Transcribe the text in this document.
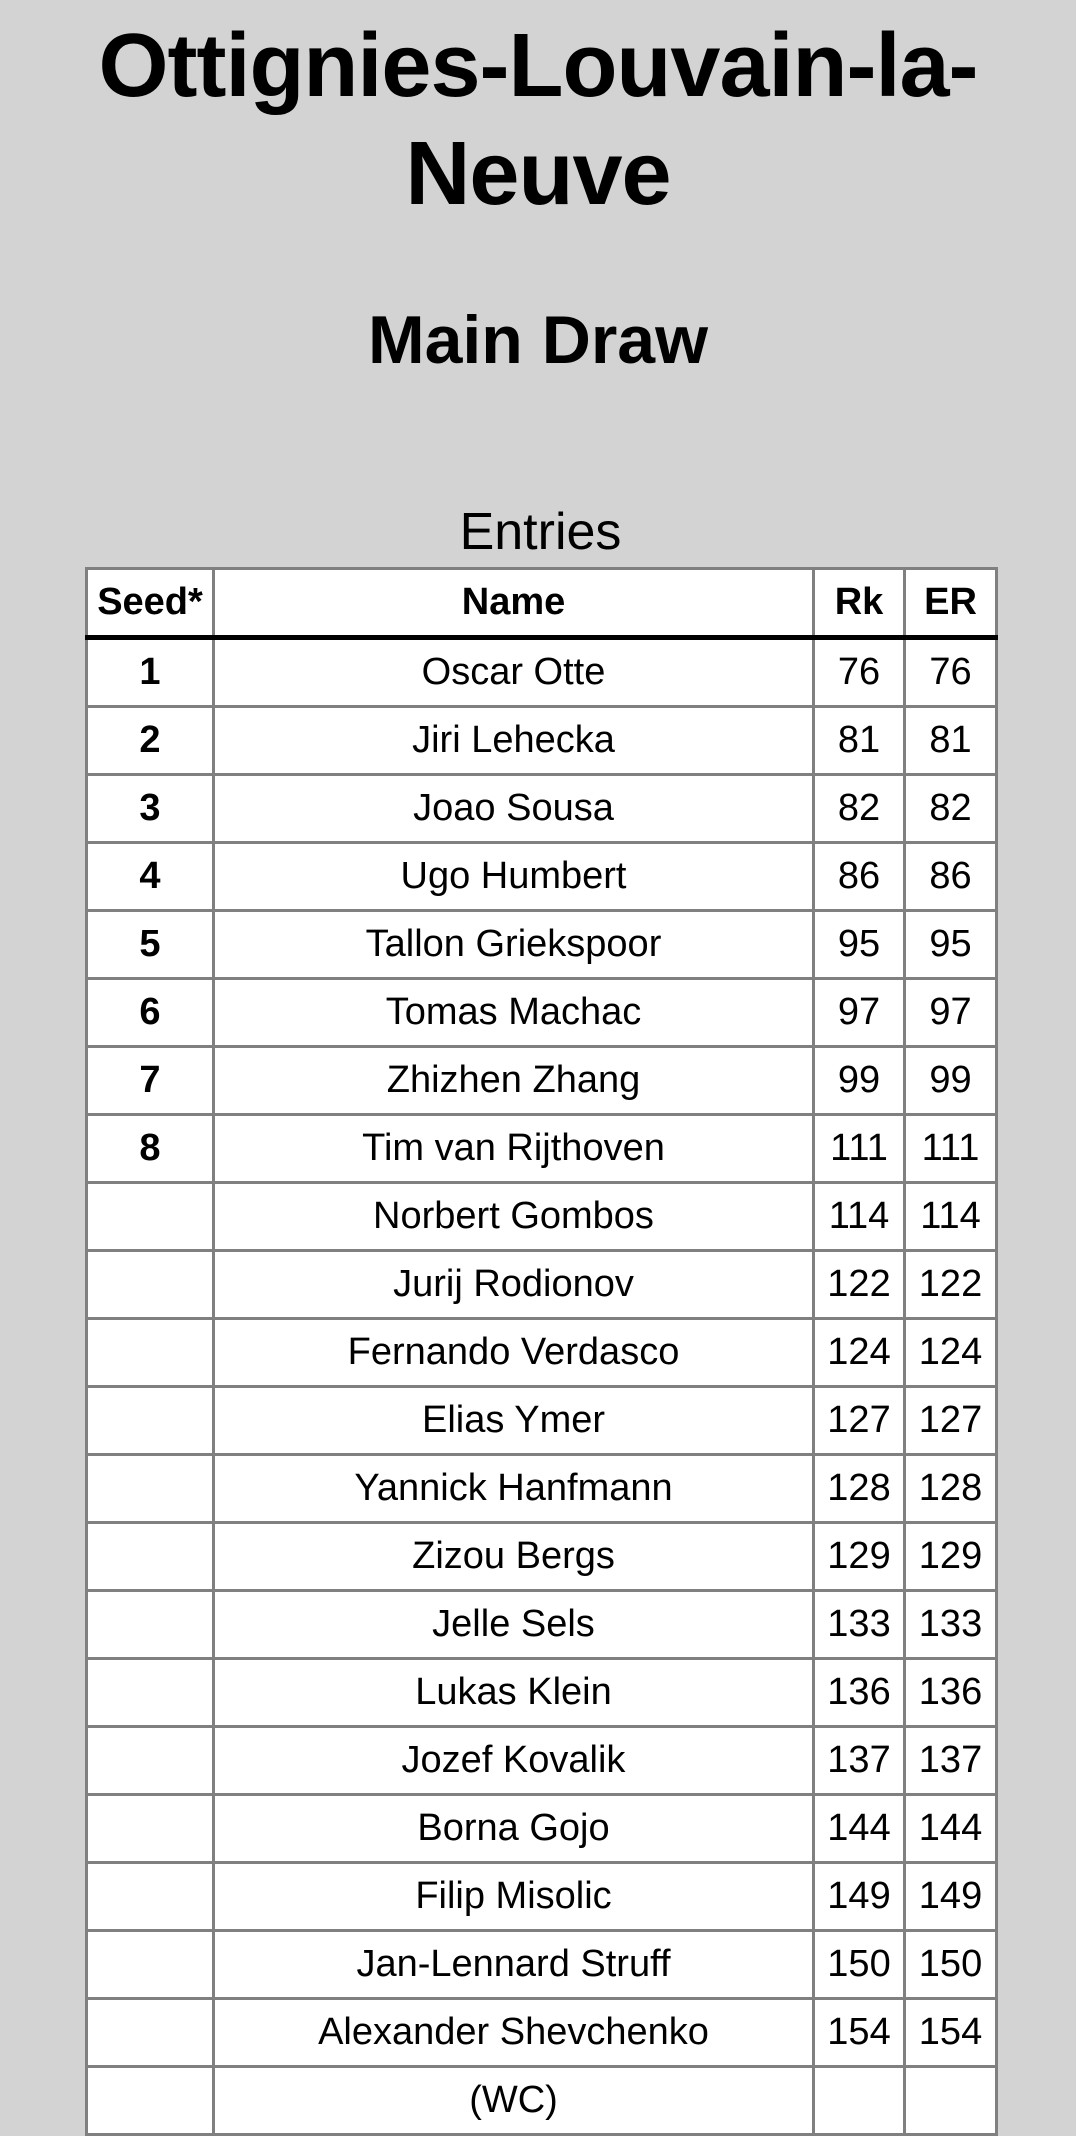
Ottignies-Louvain-la-Neuve
Main Draw
Entries
Seed*	Name	Rk	ER
1	Oscar Otte	76	76
2	Jiri Lehecka	81	81
3	Joao Sousa	82	82
4	Ugo Humbert	86	86
5	Tallon Griekspoor	95	95
6	Tomas Machac	97	97
7	Zhizhen Zhang	99	99
8	Tim van Rijthoven	111	111
	Norbert Gombos	114	114
	Jurij Rodionov	122	122
	Fernando Verdasco	124	124
	Elias Ymer	127	127
	Yannick Hanfmann	128	128
	Zizou Bergs	129	129
	Jelle Sels	133	133
	Lukas Klein	136	136
	Jozef Kovalik	137	137
	Borna Gojo	144	144
	Filip Misolic	149	149
	Jan-Lennard Struff	150	150
	Alexander Shevchenko	154	154
	(WC)		
